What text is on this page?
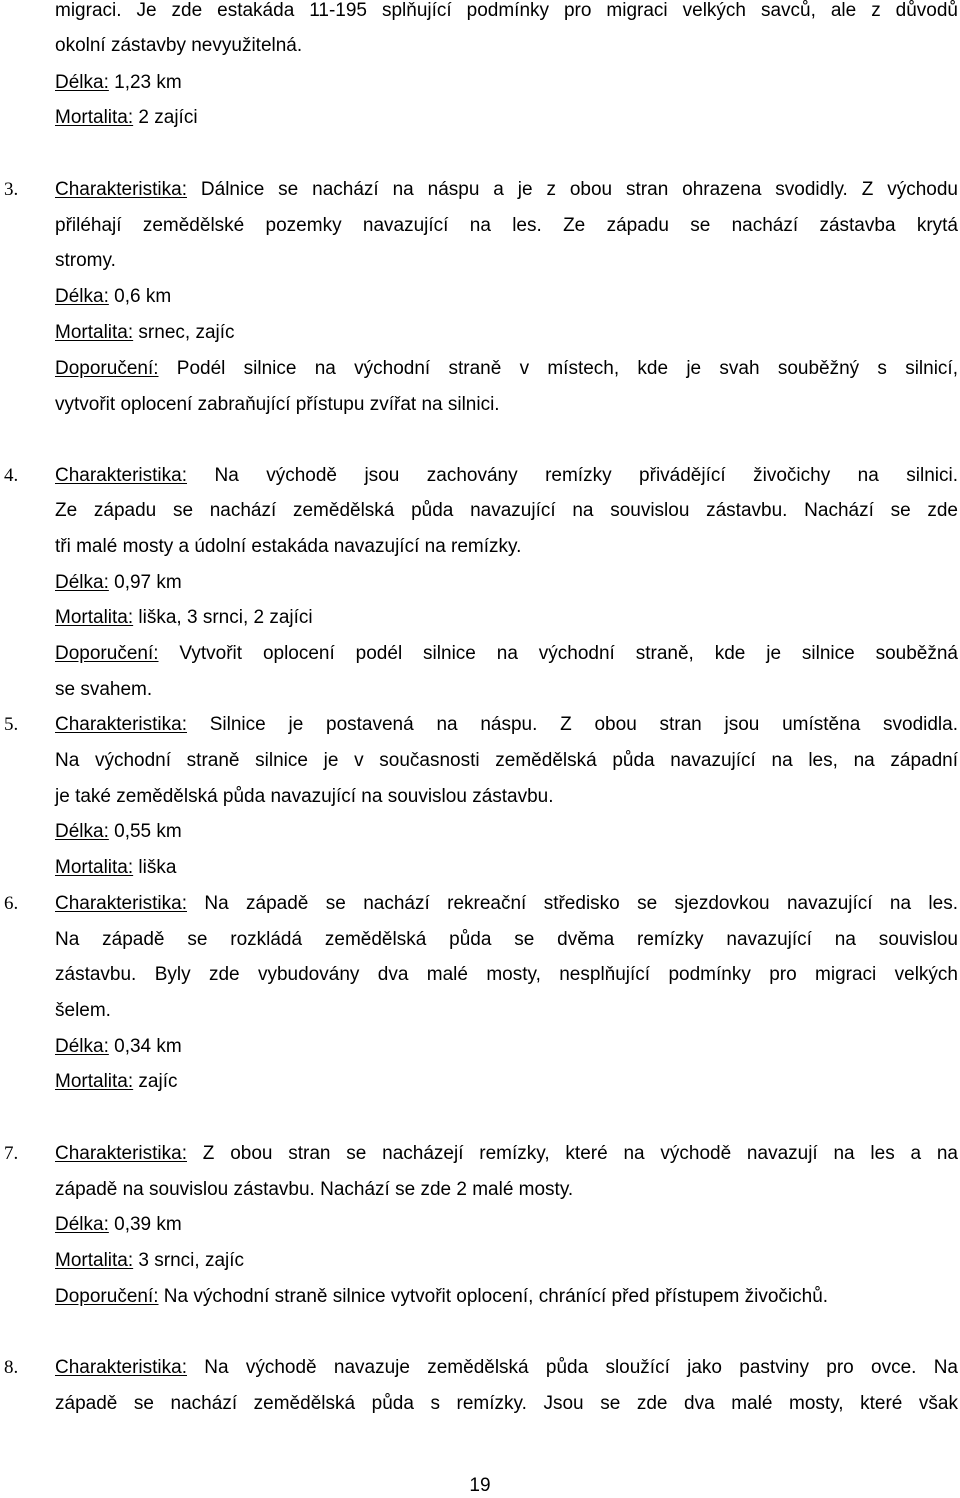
migraci. Je zde estakáda 11-195 splňující podmínky pro migraci velkých savců, ale z důvodů
okolní zástavby nevyužitelná.
Délka: 1,23 km
Mortalita: 2 zajíci
3. Charakteristika: Dálnice se nachází na náspu a je z obou stran ohrazena svodidly. Z východu
přiléhají zemědělské pozemky navazující na les. Ze západu se nachází zástavba krytá
stromy.
Délka: 0,6 km
Mortalita: srnec, zajíc
Doporučení: Podél silnice na východní straně v místech, kde je svah souběžný s silnicí,
vytvořit oplocení zabraňující přístupu zvířat na silnici.
4. Charakteristika: Na východě jsou zachovány remízky přivádějící živočichy na silnici.
Ze západu se nachází zemědělská půda navazující na souvislou zástavbu. Nachází se zde
tři malé mosty a údolní estakáda navazující na remízky.
Délka: 0,97 km
Mortalita: liška, 3 srnci, 2 zajíci
Doporučení: Vytvořit oplocení podél silnice na východní straně, kde je silnice souběžná
se svahem.
5. Charakteristika: Silnice je postavená na náspu. Z obou stran jsou umístěna svodidla.
Na východní straně silnice je v současnosti zemědělská půda navazující na les, na západní
je také zemědělská půda navazující na souvislou zástavbu.
Délka: 0,55 km
Mortalita: liška
6. Charakteristika: Na západě se nachází rekreační středisko se sjezdovkou navazující na les.
Na západě se rozkládá zemědělská půda se dvěma remízky navazující na souvislou
zástavbu. Byly zde vybudovány dva malé mosty, nesplňující podmínky pro migraci velkých
šelem.
Délka: 0,34 km
Mortalita: zajíc
7. Charakteristika: Z obou stran se nacházejí remízky, které na východě navazují na les a na
západě na souvislou zástavbu. Nachází se zde 2 malé mosty.
Délka: 0,39 km
Mortalita: 3 srnci, zajíc
Doporučení: Na východní straně silnice vytvořit oplocení, chránící před přístupem živočichů.
8. Charakteristika: Na východě navazuje zemědělská půda sloužící jako pastviny pro ovce. Na
západě se nachází zemědělská půda s remízky. Jsou se zde dva malé mosty, které však
19
